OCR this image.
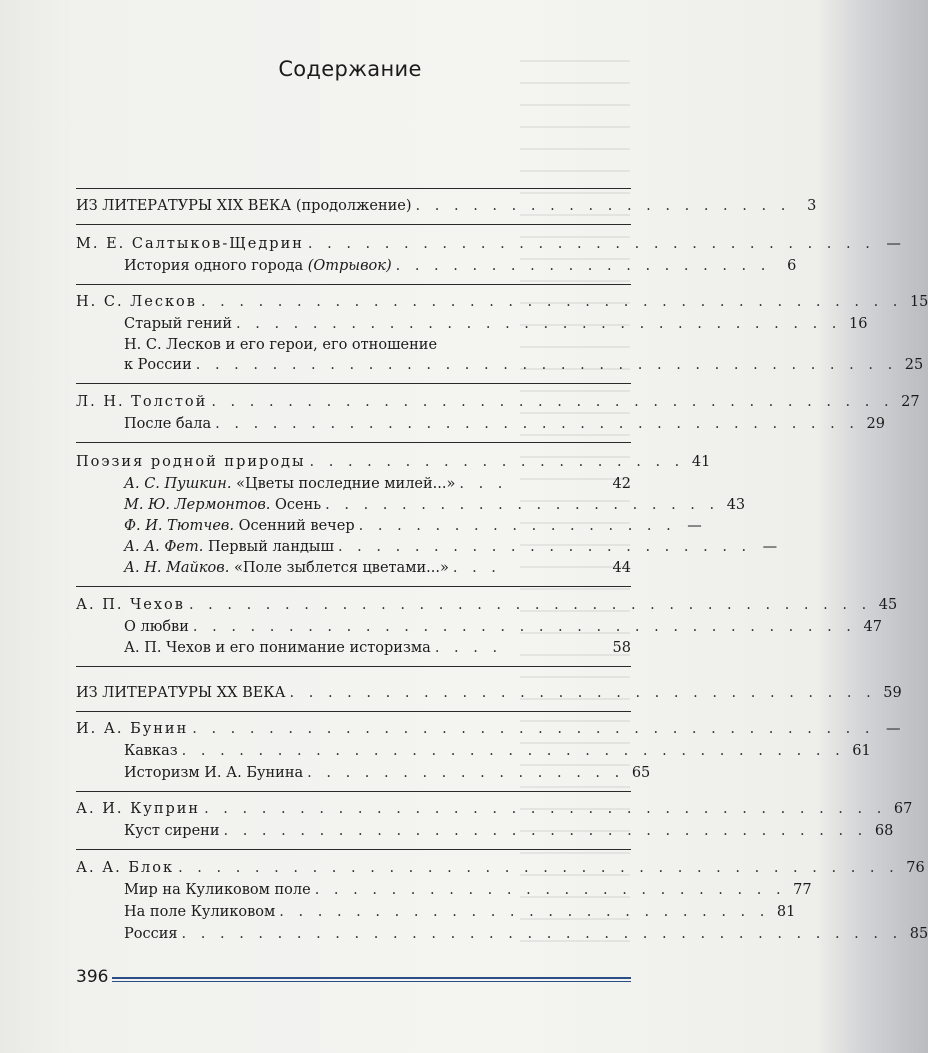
Содержание
ИЗ ЛИТЕРАТУРЫ XIX ВЕКА (продолжение) . . . . . . . . . . . . . . . . . . . .	3
М. Е. Салтыков-Щедрин . . . . . . . . . . . . . . . . . . . . . . . . . . . . . . —
История одного города (Отрывок) . . . . . . . . . . . . . . . . . . . .	6
Н. С. Лесков . . . . . . . . . . . . . . . . . . . . . . . . . . . . . . . . . . . . . 15
Старый гений . . . . . . . . . . . . . . . . . . . . . . . . . . . . . . . . 16
Н. С. Лесков и его герои, его отношение
к России . . . . . . . . . . . . . . . . . . . . . . . . . . . . . . . . . . . . . 25
Л. Н. Толстой . . . . . . . . . . . . . . . . . . . . . . . . . . . . . . . . . . . . 27
После бала . . . . . . . . . . . . . . . . . . . . . . . . . . . . . . . . . . 29
Поэзия родной природы . . . . . . . . . . . . . . . . . . . . 41
А. С. Пушкин. «Цветы последние милей...» . . .	42
М. Ю. Лермонтов. Осень . . . . . . . . . . . . . . . . . . . . . 43
Ф. И. Тютчев. Осенний вечер . . . . . . . . . . . . . . . . . —
А. А. Фет. Первый ландыш . . . . . . . . . . . . . . . . . . . . . . —
А. Н. Майков. «Поле зыблется цветами...» . . .	44
А. П. Чехов . . . . . . . . . . . . . . . . . . . . . . . . . . . . . . . . . . . . 45
О любви . . . . . . . . . . . . . . . . . . . . . . . . . . . . . . . . . . . 47
А. П. Чехов и его понимание историзма . . . .	58
ИЗ ЛИТЕРАТУРЫ XX ВЕКА . . . . . . . . . . . . . . . . . . . . . . . . . . . . . . . 59
И. А. Бунин . . . . . . . . . . . . . . . . . . . . . . . . . . . . . . . . . . . . —
Кавказ . . . . . . . . . . . . . . . . . . . . . . . . . . . . . . . . . . . 61
Историзм И. А. Бунина . . . . . . . . . . . . . . . . . 65
А. И. Куприн . . . . . . . . . . . . . . . . . . . . . . . . . . . . . . . . . . . . 67
Куст сирени . . . . . . . . . . . . . . . . . . . . . . . . . . . . . . . . . . 68
А. А. Блок . . . . . . . . . . . . . . . . . . . . . . . . . . . . . . . . . . . . . . 76
Мир на Куликовом поле . . . . . . . . . . . . . . . . . . . . . . . . . 77
На поле Куликовом . . . . . . . . . . . . . . . . . . . . . . . . . . 81
Россия . . . . . . . . . . . . . . . . . . . . . . . . . . . . . . . . . . . . . . 85
396
